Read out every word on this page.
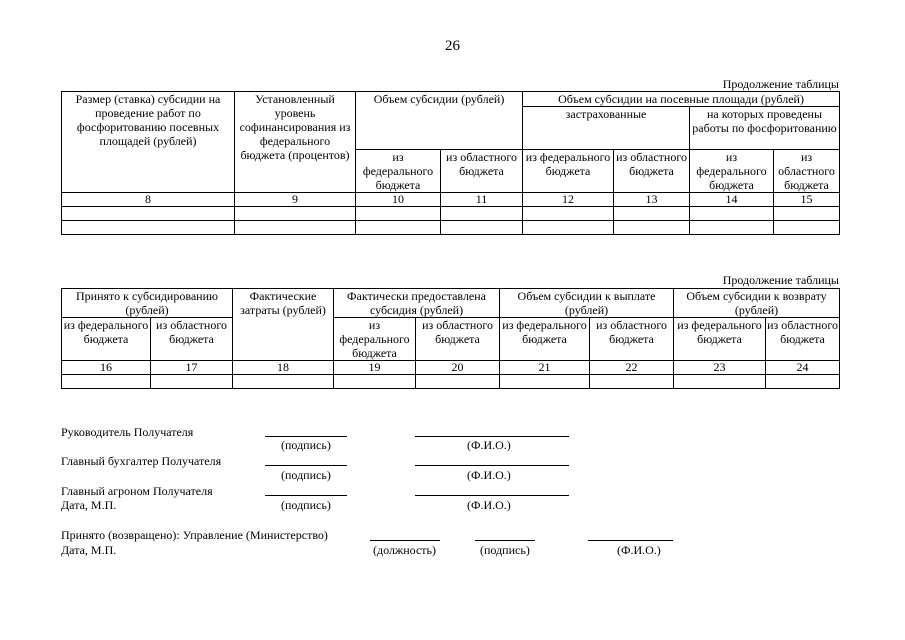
26
Продолжение таблицы
Размер (ставка) субсидии на проведение работ по фосфоритованию посевных площадей (рублей)	Установленный уровень софинансирования из федерального бюджета (процентов)	Объем субсидии (рублей)		Объем субсидии на посевные площади (рублей)			
				застрахованные		на которых проведены работы по фосфоритованию	
		из федерального бюджета	из областного бюджета	из федерального бюджета	из областного бюджета	из федерального бюджета	из областного бюджета
8	9	10	11	12	13	14	15

Продолжение таблицы
Принято к субсидированию (рублей)		Фактические затраты (рублей)	Фактически предоставлена субсидия (рублей)		Объем субсидии к выплате (рублей)		Объем субсидии к возврату (рублей)	
из федерального бюджета	из областного бюджета		из федерального бюджета	из областного бюджета	из федерального бюджета	из областного бюджета	из федерального бюджета	из областного бюджета
16	17	18	19	20	21	22	23	24

Руководитель Получателя
(подпись)	(Ф.И.О.)
Главный бухгалтер Получателя
(подпись)	(Ф.И.О.)
Главный агроном Получателя
Дата, М.П.	(подпись)	(Ф.И.О.)
Принято (возвращено): Управление (Министерство)
Дата, М.П.	(должность)	(подпись)	(Ф.И.О.)
